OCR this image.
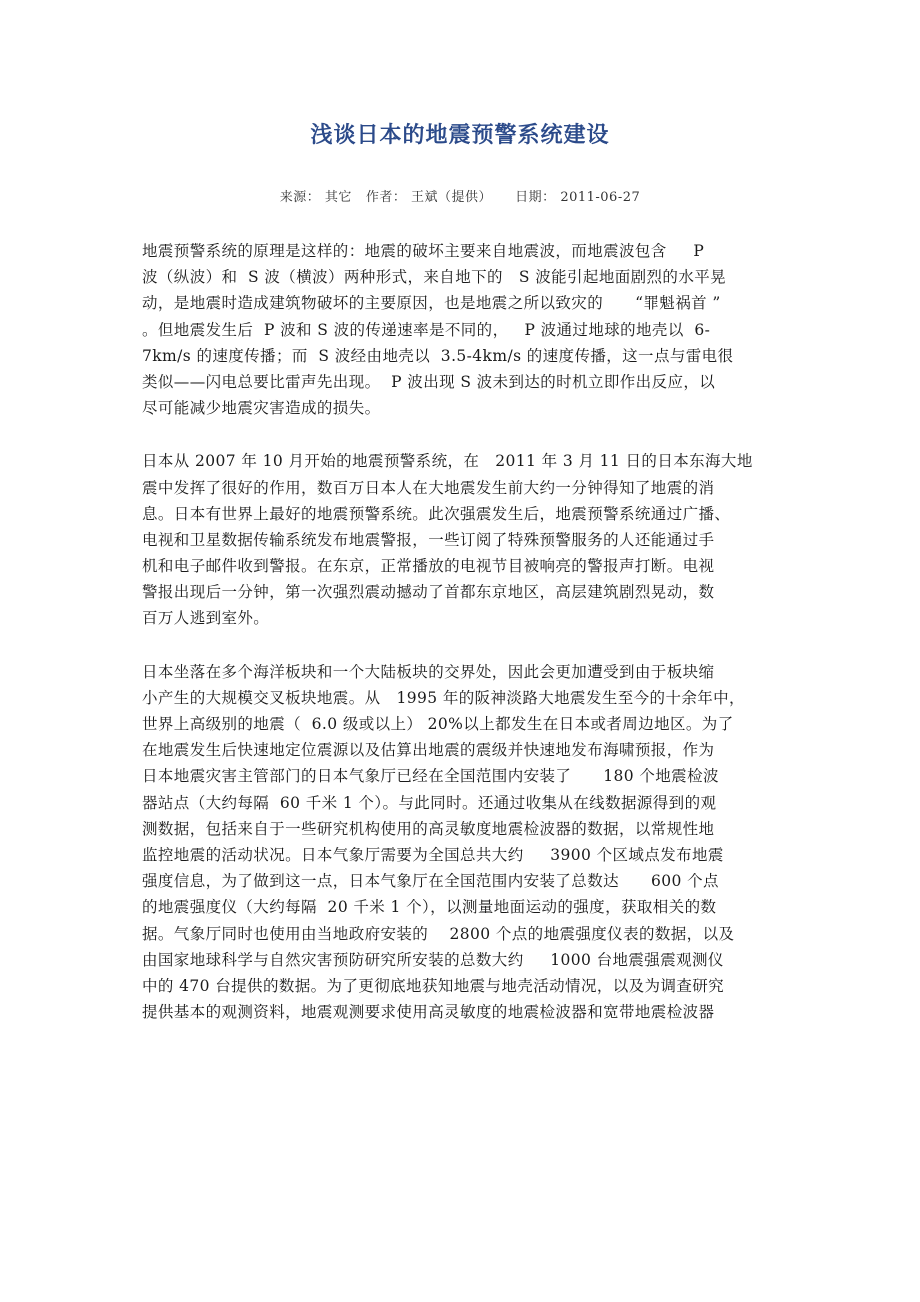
浅谈日本的地震预警系统建设
来源： 其它 作者： 王斌（提供） 日期： 2011-06-27

地震预警系统的原理是这样的：地震的破坏主要来自地震波，而地震波包含     P
波（纵波）和  S 波（横波）两种形式，来自地下的   S 波能引起地面剧烈的水平晃
动，是地震时造成建筑物破坏的主要原因，也是地震之所以致灾的      “罪魁祸首 ”
。但地震发生后  P 波和 S 波的传递速率是不同的，   P 波通过地球的地壳以  6-
7km/s 的速度传播；而  S 波经由地壳以  3.5-4km/s 的速度传播，这一点与雷电很
类似——闪电总要比雷声先出现。  P 波出现 S 波未到达的时机立即作出反应，以
尽可能减少地震灾害造成的损失。

日本从 2007 年 10 月开始的地震预警系统，在   2011 年 3 月 11 日的日本东海大地
震中发挥了很好的作用，数百万日本人在大地震发生前大约一分钟得知了地震的消
息。日本有世界上最好的地震预警系统。此次强震发生后，地震预警系统通过广播、
电视和卫星数据传输系统发布地震警报，一些订阅了特殊预警服务的人还能通过手
机和电子邮件收到警报。在东京，正常播放的电视节目被响亮的警报声打断。电视
警报出现后一分钟，第一次强烈震动撼动了首都东京地区，高层建筑剧烈晃动，数
百万人逃到室外。

日本坐落在多个海洋板块和一个大陆板块的交界处，因此会更加遭受到由于板块缩
小产生的大规模交叉板块地震。从   1995 年的阪神淡路大地震发生至今的十余年中，
世界上高级别的地震（  6.0 级或以上） 20%以上都发生在日本或者周边地区。为了
在地震发生后快速地定位震源以及估算出地震的震级并快速地发布海啸预报，作为
日本地震灾害主管部门的日本气象厅已经在全国范围内安装了      180 个地震检波
器站点（大约每隔  60 千米 1 个）。与此同时。还通过收集从在线数据源得到的观
测数据，包括来自于一些研究机构使用的高灵敏度地震检波器的数据，以常规性地
监控地震的活动状况。日本气象厅需要为全国总共大约     3900 个区域点发布地震
强度信息，为了做到这一点，日本气象厅在全国范围内安装了总数达      600 个点
的地震强度仪（大约每隔  20 千米 1 个），以测量地面运动的强度，获取相关的数
据。气象厅同时也使用由当地政府安装的    2800 个点的地震强度仪表的数据，以及
由国家地球科学与自然灾害预防研究所安装的总数大约     1000 台地震强震观测仪
中的 470 台提供的数据。为了更彻底地获知地震与地壳活动情况，以及为调查研究
提供基本的观测资料，地震观测要求使用高灵敏度的地震检波器和宽带地震检波器
